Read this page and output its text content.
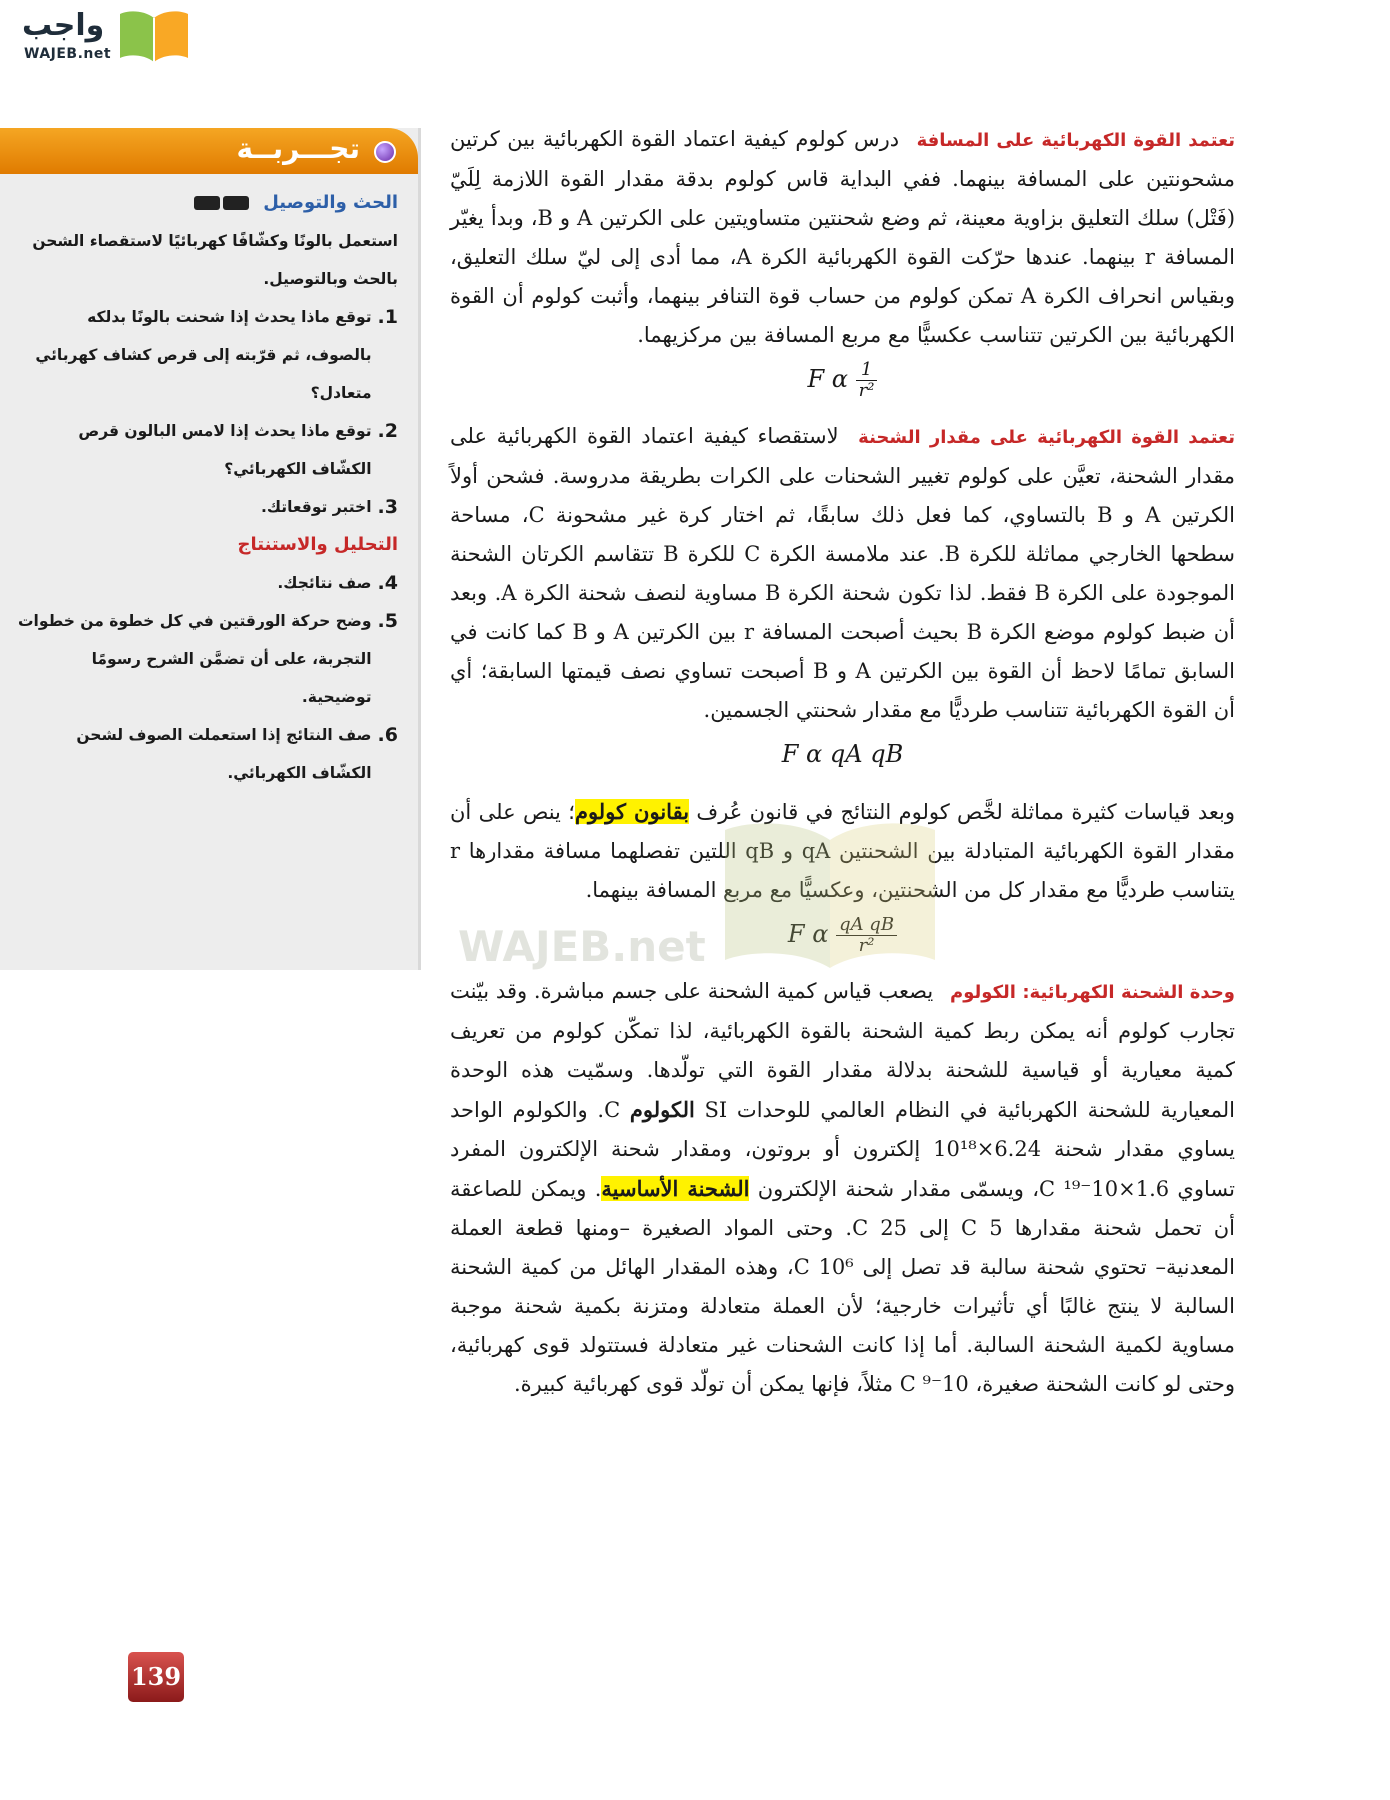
واجب
WAJEB.net
تجـــربــة

الحث والتوصيل

استعمل بالونًا وكشّافًا كهربائيًا لاستقصاء الشحن بالحث وبالتوصيل.

1.
توقع ماذا يحدث إذا شحنت بالونًا بدلكه بالصوف، ثم قرّبته إلى قرص كشاف كهربائي متعادل؟

2.
توقع ماذا يحدث إذا لامس البالون قرص الكشّاف الكهربائي؟

3.
اختبر توقعاتك.

التحليل والاستنتاج

4.
صف نتائجك.

5.
وضح حركة الورقتين في كل خطوة من خطوات التجربة، على أن تضمَّن الشرح رسومًا توضيحية.

6.
صف النتائج إذا استعملت الصوف لشحن الكشّاف الكهربائي.

تعتمد القوة الكهربائية على المسافة درس كولوم كيفية اعتماد القوة الكهربائية بين كرتين مشحونتين على المسافة بينهما. ففي البداية قاس كولوم بدقة مقدار القوة اللازمة لِلَيّ (فَتْل) سلك التعليق بزاوية معينة، ثم وضع شحنتين متساويتين على الكرتين A و B، وبدأ يغيّر المسافة r بينهما. عندها حرّكت القوة الكهربائية الكرة A، مما أدى إلى ليّ سلك التعليق، وبقياس انحراف الكرة A تمكن كولوم من حساب قوة التنافر بينهما، وأثبت كولوم أن القوة الكهربائية بين الكرتين تتناسب عكسيًّا مع مربع المسافة بين مركزيهما.

F α $\frac{1}{\text{r²}}$

تعتمد القوة الكهربائية على مقدار الشحنة لاستقصاء كيفية اعتماد القوة الكهربائية على مقدار الشحنة، تعيَّن على كولوم تغيير الشحنات على الكرات بطريقة مدروسة. فشحن أولاً الكرتين A و B بالتساوي، كما فعل ذلك سابقًا، ثم اختار كرة غير مشحونة C، مساحة سطحها الخارجي مماثلة للكرة B. عند ملامسة الكرة C للكرة B تتقاسم الكرتان الشحنة الموجودة على الكرة B فقط. لذا تكون شحنة الكرة B مساوية لنصف شحنة الكرة A. وبعد أن ضبط كولوم موضع الكرة B بحيث أصبحت المسافة r بين الكرتين A و B كما كانت في السابق تمامًا لاحظ أن القوة بين الكرتين A و B أصبحت تساوي نصف قيمتها السابقة؛ أي أن القوة الكهربائية تتناسب طرديًّا مع مقدار شحنتي الجسمين.

F α qA qB

وبعد قياسات كثيرة مماثلة لخَّص كولوم النتائج في قانون عُرف بقانون كولوم؛ ينص على أن مقدار القوة الكهربائية المتبادلة بين الشحنتين qA و qB اللتين تفصلهما مسافة مقدارها r يتناسب طرديًّا مع مقدار كل من الشحنتين، وعكسيًّا مع مربع المسافة بينهما.

F α $\frac{\text{qA qB}}{\text{r²}}$

وحدة الشحنة الكهربائية: الكولوم يصعب قياس كمية الشحنة على جسم مباشرة. وقد بيّنت تجارب كولوم أنه يمكن ربط كمية الشحنة بالقوة الكهربائية، لذا تمكّن كولوم من تعريف كمية معيارية أو قياسية للشحنة بدلالة مقدار القوة التي تولّدها. وسمّيت هذه الوحدة المعيارية للشحنة الكهربائية في النظام العالمي للوحدات SI الكولوم C. والكولوم الواحد يساوي مقدار شحنة 6.24×10¹⁸ إلكترون أو بروتون، ومقدار شحنة الإلكترون المفرد تساوي 1.6×10⁻¹⁹ C، ويسمّى مقدار شحنة الإلكترون الشحنة الأساسية. ويمكن للصاعقة أن تحمل شحنة مقدارها 5 C إلى 25 C. وحتى المواد الصغيرة –ومنها قطعة العملة المعدنية– تحتوي شحنة سالبة قد تصل إلى 10⁶ C، وهذه المقدار الهائل من كمية الشحنة السالبة لا ينتج غالبًا أي تأثيرات خارجية؛ لأن العملة متعادلة ومتزنة بكمية شحنة موجبة مساوية لكمية الشحنة السالبة. أما إذا كانت الشحنات غير متعادلة فستتولد قوى كهربائية، وحتى لو كانت الشحنة صغيرة، 10⁻⁹ C مثلاً، فإنها يمكن أن تولّد قوى كهربائية كبيرة.

WAJEB.net
139
